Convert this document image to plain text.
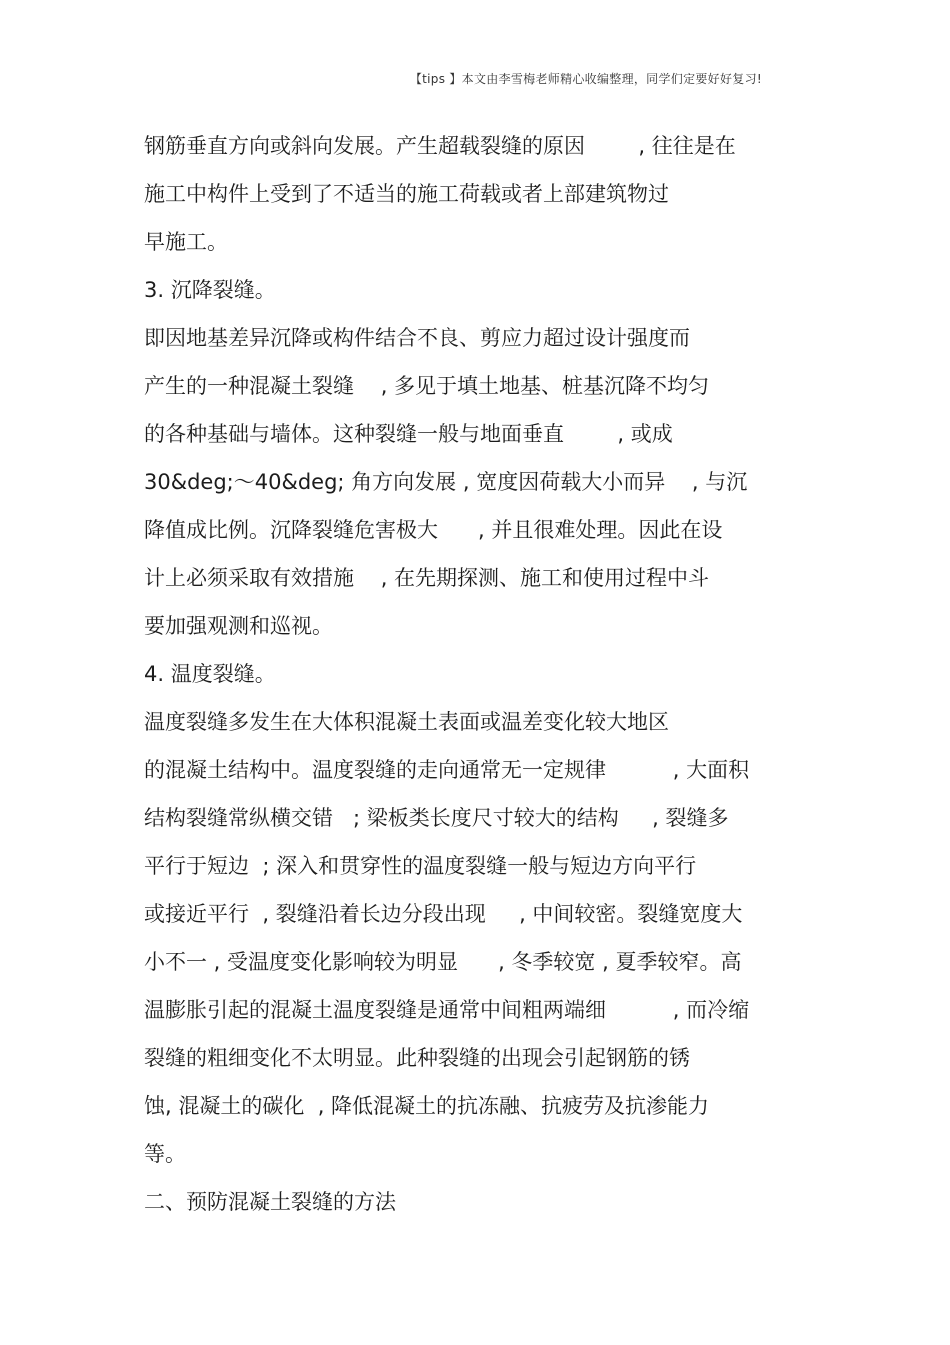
【tips 】本文由李雪梅老师精心收编整理，同学们定要好好复习!
钢筋垂直方向或斜向发展。产生超载裂缝的原因        , 往往是在
施工中构件上受到了不适当的施工荷载或者上部建筑物过
早施工。
3. 沉降裂缝。
即因地基差异沉降或构件结合不良、剪应力超过设计强度而
产生的一种混凝土裂缝    , 多见于填土地基、桩基沉降不均匀
的各种基础与墙体。这种裂缝一般与地面垂直        , 或成
30&deg;～40&deg; 角方向发展 , 宽度因荷载大小而异    , 与沉
降值成比例。沉降裂缝危害极大      , 并且很难处理。因此在设
计上必须采取有效措施    , 在先期探测、施工和使用过程中斗
要加强观测和巡视。
4. 温度裂缝。
温度裂缝多发生在大体积混凝土表面或温差变化较大地区
的混凝土结构中。温度裂缝的走向通常无一定规律          , 大面积
结构裂缝常纵横交错   ; 梁板类长度尺寸较大的结构     , 裂缝多
平行于短边  ; 深入和贯穿性的温度裂缝一般与短边方向平行
或接近平行  , 裂缝沿着长边分段出现     , 中间较密。裂缝宽度大
小不一 , 受温度变化影响较为明显      , 冬季较宽 , 夏季较窄。高
温膨胀引起的混凝土温度裂缝是通常中间粗两端细          , 而冷缩
裂缝的粗细变化不太明显。此种裂缝的出现会引起钢筋的锈
蚀, 混凝土的碳化  , 降低混凝土的抗冻融、抗疲劳及抗渗能力
等。
二、预防混凝土裂缝的方法
